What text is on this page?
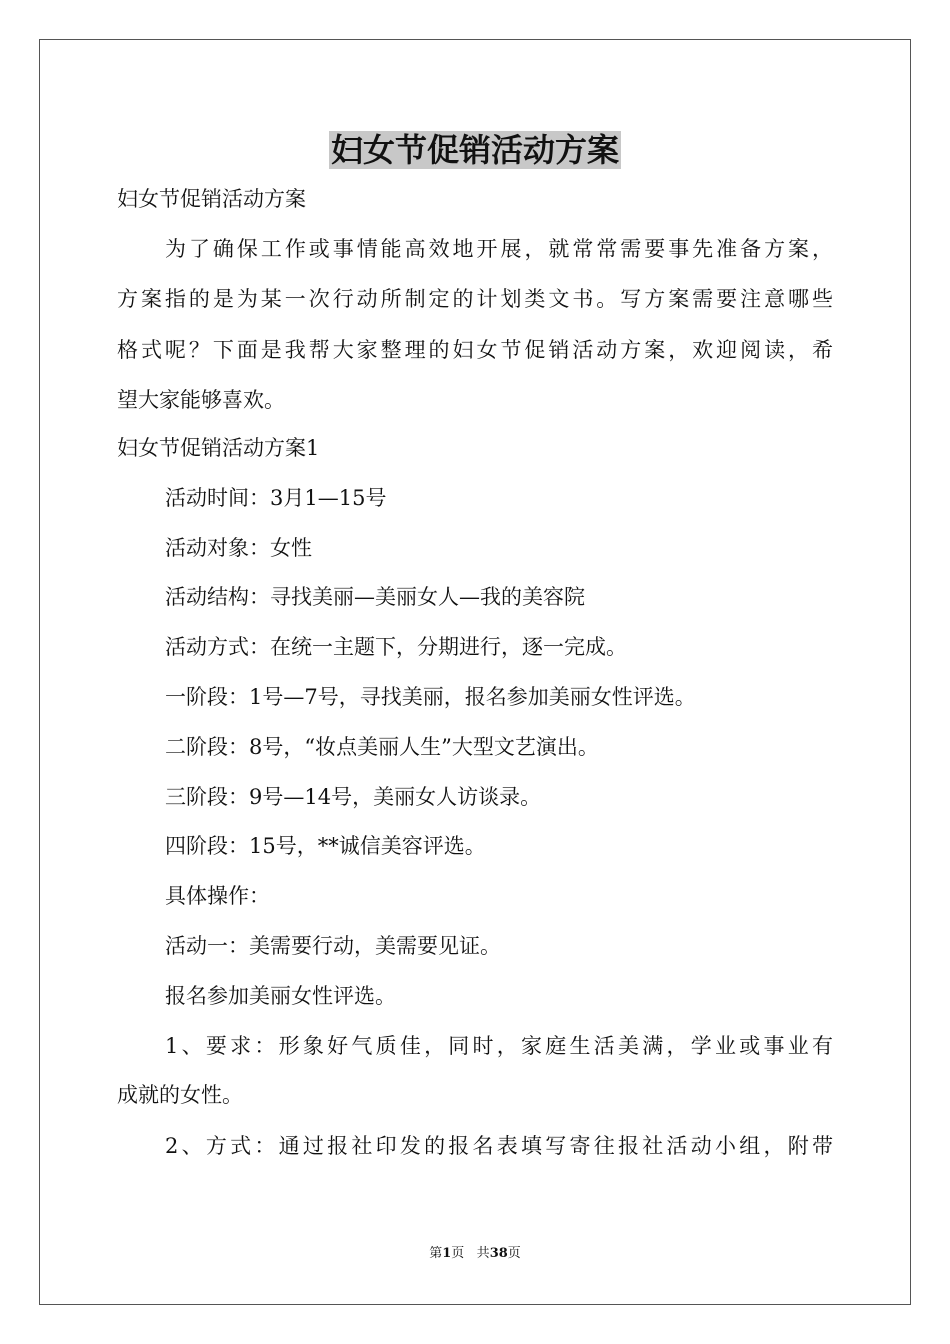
妇女节促销活动方案

妇女节促销活动方案

为了确保工作或事情能高效地开展，就常常需要事先准备方案，

方案指的是为某一次行动所制定的计划类文书。写方案需要注意哪些

格式呢？下面是我帮大家整理的妇女节促销活动方案，欢迎阅读，希

望大家能够喜欢。

妇女节促销活动方案1

活动时间：3月1—15号

活动对象：女性

活动结构：寻找美丽—美丽女人—我的美容院

活动方式：在统一主题下，分期进行，逐一完成。

一阶段：1号—7号，寻找美丽，报名参加美丽女性评选。

二阶段：8号，“妆点美丽人生”大型文艺演出。

三阶段：9号—14号，美丽女人访谈录。

四阶段：15号，**诚信美容评选。

具体操作：

活动一：美需要行动，美需要见证。

报名参加美丽女性评选。

1、要求：形象好气质佳，同时，家庭生活美满，学业或事业有

成就的女性。

2、方式：通过报社印发的报名表填写寄往报社活动小组，附带

第1页 共38页
